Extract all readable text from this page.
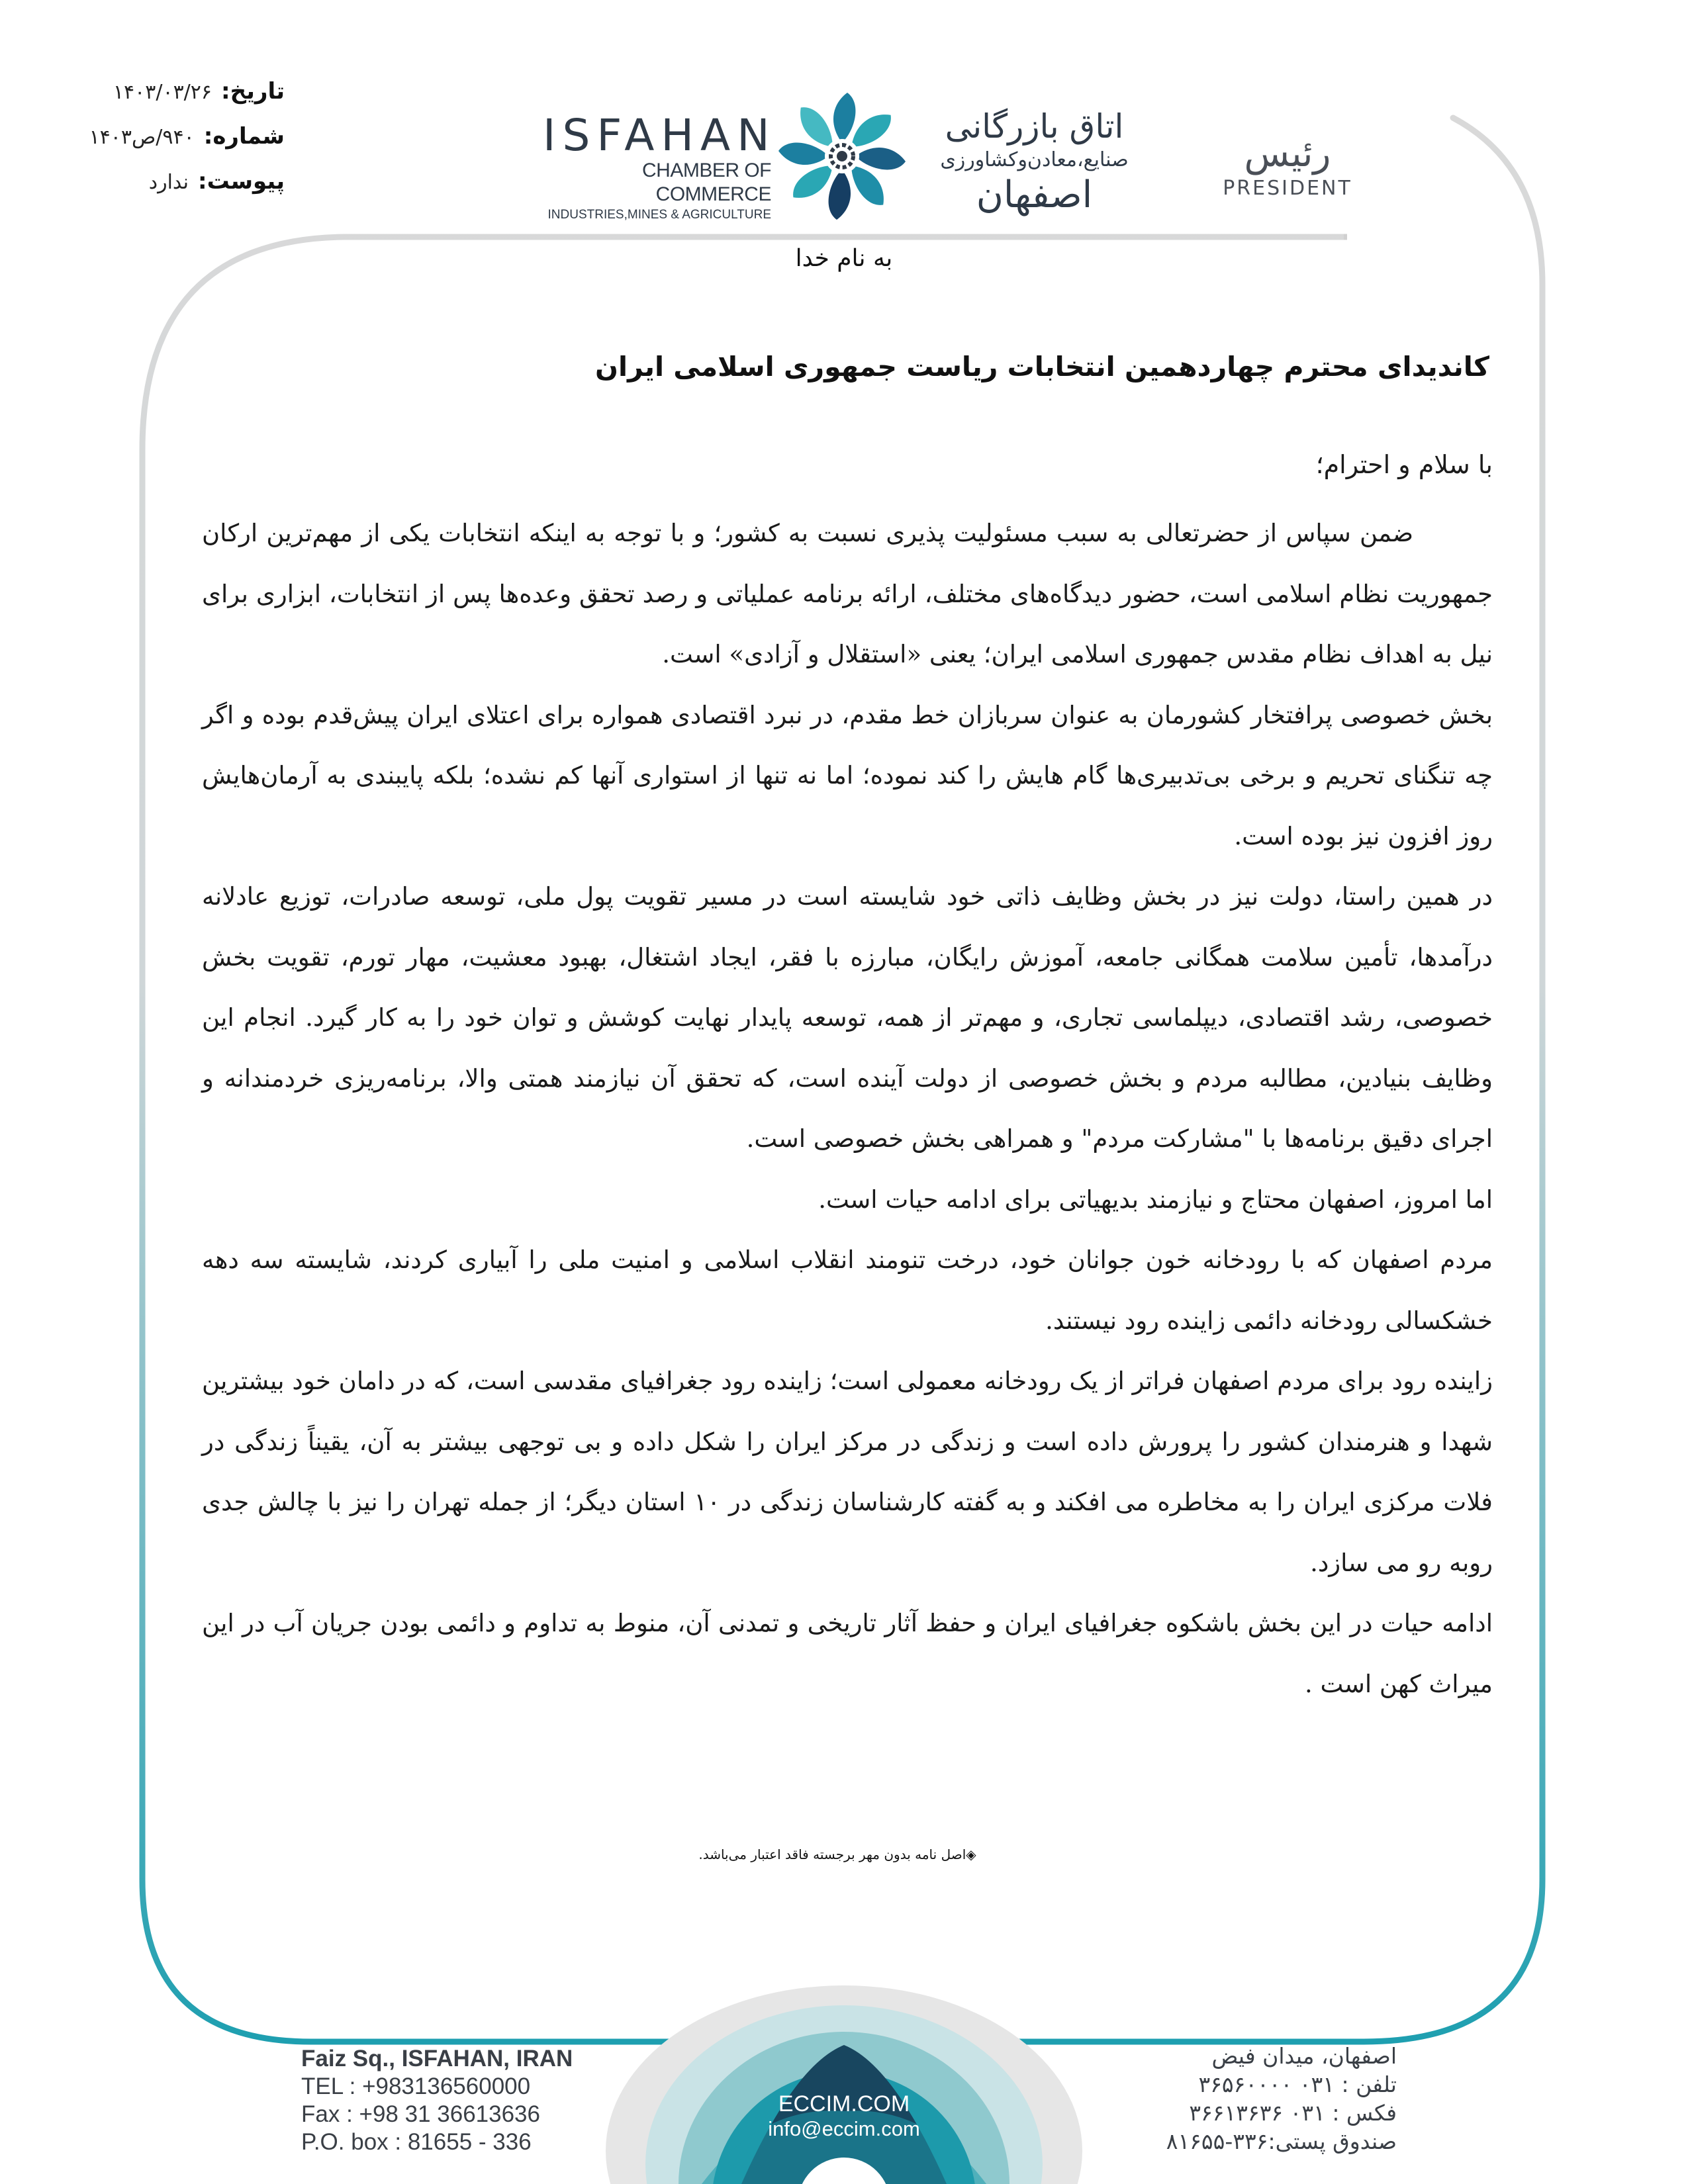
تاریخ:
۱۴۰۳/۰۳/۲۶
شماره:
۹۴۰/ص۱۴۰۳
پیوست:
ندارد
ISFAHAN
CHAMBER OF COMMERCE
INDUSTRIES,MINES & AGRICULTURE
اتاق بازرگانی
صنایع،معادن‌وکشاورزی
اصفهان
رئیس
PRESIDENT
به نام خدا
کاندیدای محترم چهاردهمین انتخابات ریاست جمهوری اسلامی ایران
با سلام و احترام؛

ضمن سپاس از حضرتعالی به سبب مسئولیت پذیری نسبت به کشور؛ و با توجه به اینکه انتخابات یکی از مهم‌ترین ارکان جمهوریت نظام اسلامی است، حضور دیدگاه‌های مختلف، ارائه برنامه عملیاتی و رصد تحقق وعده‌ها پس از انتخابات، ابزاری برای نیل به اهداف نظام مقدس جمهوری اسلامی ایران؛ یعنی «استقلال و آزادی» است.

بخش خصوصی پرافتخار کشورمان به عنوان سربازان خط مقدم، در نبرد اقتصادی همواره برای اعتلای ایران پیش‌قدم بوده و اگر چه تنگنای تحریم و برخی بی‌تدبیری‌ها گام هایش را کند نموده؛ اما نه تنها از استواری آنها کم نشده؛ بلکه پایبندی به آرمان‌هایش روز افزون نیز بوده است.

در همین راستا، دولت نیز در بخش وظایف ذاتی خود شایسته است در مسیر تقویت پول ملی، توسعه صادرات، توزیع عادلانه درآمدها، تأمین سلامت همگانی جامعه، آموزش رایگان، مبارزه با فقر، ایجاد اشتغال، بهبود معشیت، مهار تورم، تقویت بخش خصوصی، رشد اقتصادی، دیپلماسی تجاری، و مهم‌تر از همه، توسعه پایدار نهایت کوشش و توان خود را به کار گیرد. انجام این وظایف بنیادین، مطالبه مردم و بخش خصوصی از دولت آینده است، که تحقق آن نیازمند همتی والا، برنامه‌ریزی خردمندانه و اجرای دقیق برنامه‌ها با "مشارکت مردم" و همراهی بخش خصوصی است.

اما امروز، اصفهان محتاج و نیازمند بدیهیاتی برای ادامه حیات است.

مردم اصفهان که با رودخانه خون جوانان خود، درخت تنومند انقلاب اسلامی و امنیت ملی را آبیاری کردند، شایسته سه دهه خشکسالی رودخانه دائمی زاینده رود نیستند.

زاینده رود برای مردم اصفهان فراتر از یک رودخانه معمولی است؛ زاینده رود جغرافیای مقدسی است، که در دامان خود بیشترین شهدا و هنرمندان کشور را پرورش داده است و زندگی در مرکز ایران را شکل داده و بی توجهی بیشتر به آن، یقیناً زندگی در فلات مرکزی ایران را به مخاطره می افکند و به گفته کارشناسان زندگی در ۱۰ استان دیگر؛ از جمله تهران را نیز با چالش جدی روبه رو می سازد.

ادامه حیات در این بخش باشکوه جغرافیای ایران و حفظ آثار تاریخی و تمدنی آن، منوط به تداوم و دائمی بودن جریان آب در این میراث کهن است .

◈اصل نامه بدون مهر برجسته فاقد اعتبار می‌باشد.
ECCIM.COM
info@eccim.com
Faiz Sq., ISFAHAN, IRAN
TEL : +983136560000
Fax : +98 31 36613636
P.O. box : 81655 - 336
اصفهان، میدان فیض
تلفن : ۰۳۱ ۳۶۵۶۰۰۰۰
فکس : ۰۳۱ ۳۶۶۱۳۶۳۶
صندوق پستی:۳۳۶-۸۱۶۵۵
